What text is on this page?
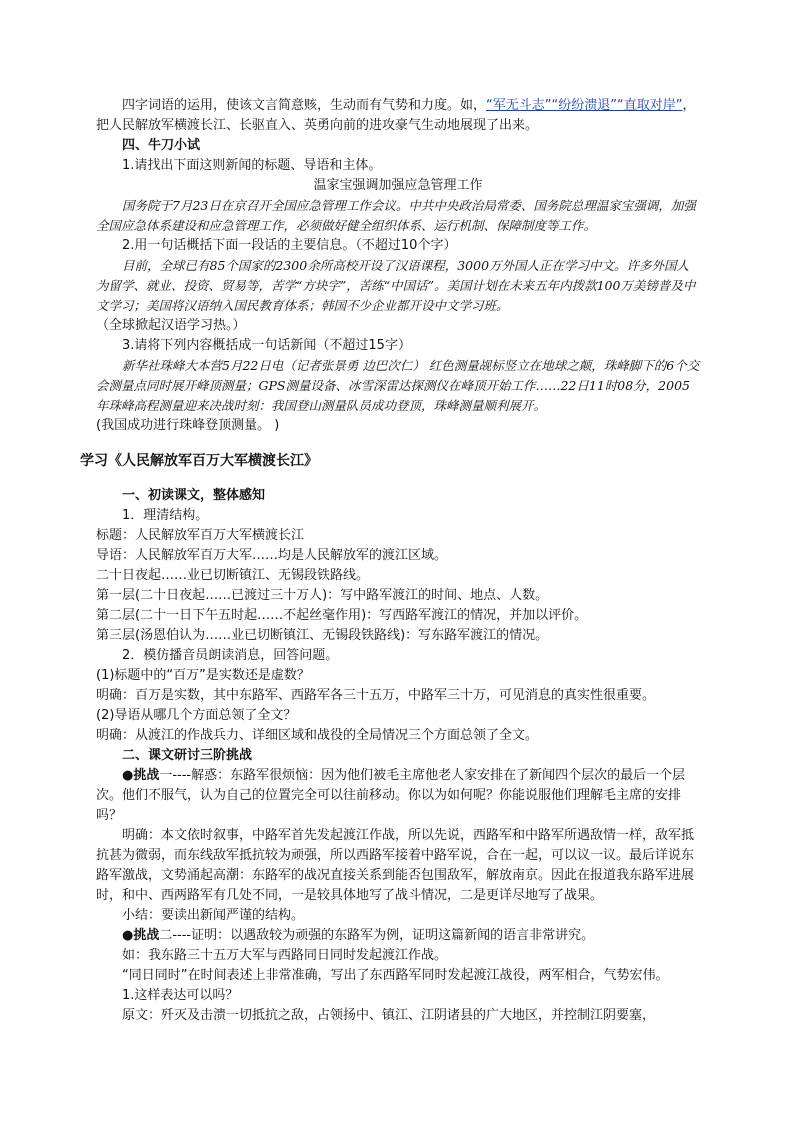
四字词语的运用，使该文言简意赅，生动而有气势和力度。如，“军无斗志”“纷纷溃退”“直取对岸”，把人民解放军横渡长江、长驱直入、英勇向前的进攻豪气生动地展现了出来。

四、牛刀小试

1.请找出下面这则新闻的标题、导语和主体。

温家宝强调加强应急管理工作

国务院于7月23日在京召开全国应急管理工作会议。中共中央政治局常委、国务院总理温家宝强调，加强全国应急体系建设和应急管理工作，必须做好健全组织体系、运行机制、保障制度等工作。

2.用一句话概括下面一段话的主要信息。（不超过10个字）

目前，全球已有85个国家的2300余所高校开设了汉语课程，3000万外国人正在学习中文。许多外国人为留学、就业、投资、贸易等，苦学“方块字”，苦练“中国话”。美国计划在未来五年内拨款100万美镑普及中文学习；美国将汉语纳入国民教育体系；韩国不少企业都开设中文学习班。

（全球掀起汉语学习热。）

3.请将下列内容概括成一句话新闻（不超过15字）

新华社珠峰大本营5月22日电（记者张景勇 边巴次仁） 红色测量觇标竖立在地球之颠，珠峰脚下的6个交会测量点同时展开峰顶测量；GPS测量设备、冰雪深雷达探测仪在峰顶开始工作……22日11时08分，2005年珠峰高程测量迎来决战时刻：我国登山测量队员成功登顶，珠峰测量顺利展开。

(我国成功进行珠峰登顶测量。 )

学习《人民解放军百万大军横渡长江》

一、初读课文，整体感知

1．理清结构。

标题：人民解放军百万大军横渡长江

导语：人民解放军百万大军……均是人民解放军的渡江区域。

二十日夜起……业已切断镇江、无锡段铁路线。

第一层(二十日夜起……已渡过三十万人)：写中路军渡江的时间、地点、人数。

第二层(二十一日下午五时起……不起丝毫作用)：写西路军渡江的情况，并加以评价。

第三层(汤恩伯认为……业已切断镇江、无锡段铁路线)：写东路军渡江的情况。

2．模仿播音员朗读消息，回答问题。

(1)标题中的“百万”是实数还是虚数？

明确：百万是实数，其中东路军、西路军各三十五万，中路军三十万，可见消息的真实性很重要。

(2)导语从哪几个方面总领了全文？

明确：从渡江的作战兵力、详细区域和战役的全局情况三个方面总领了全文。

二、课文研讨三阶挑战

● 挑战一----解惑：东路军很烦恼：因为他们被毛主席他老人家安排在了新闻四个层次的最后一个层次。他们不服气，认为自己的位置完全可以往前移动。你以为如何呢？你能说服他们理解毛主席的安排吗？

明确：本文依时叙事，中路军首先发起渡江作战，所以先说，西路军和中路军所遇敌情一样，敌军抵抗甚为微弱，而东线敌军抵抗较为顽强，所以西路军接着中路军说，合在一起，可以议一议。最后详说东路军激战，文势涌起高潮：东路军的战况直接关系到能否包围敌军，解放南京。因此在报道我东路军进展时，和中、西两路军有几处不同，一是较具体地写了战斗情况，二是更详尽地写了战果。

小结：要读出新闻严谨的结构。

● 挑战二----证明：以遇敌较为顽强的东路军为例，证明这篇新闻的语言非常讲究。

如：我东路三十五万大军与西路同日同时发起渡江作战。

“同日同时”在时间表述上非常准确，写出了东西路军同时发起渡江战役，两军相合，气势宏伟。

1.这样表达可以吗？

原文：歼灭及击溃一切抵抗之敌，占领扬中、镇江、江阴诸县的广大地区，并控制江阴要塞，
